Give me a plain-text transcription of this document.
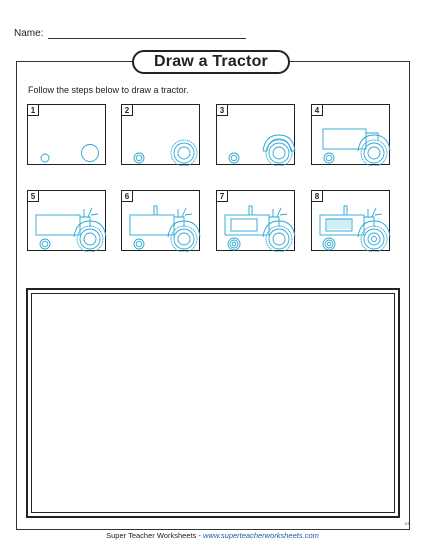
Name:
Draw a Tractor
Follow the steps below to draw a tractor.
1	2	3	4
5	6	7	8
Super Teacher Worksheets - www.superteacherworksheets.com
KS
